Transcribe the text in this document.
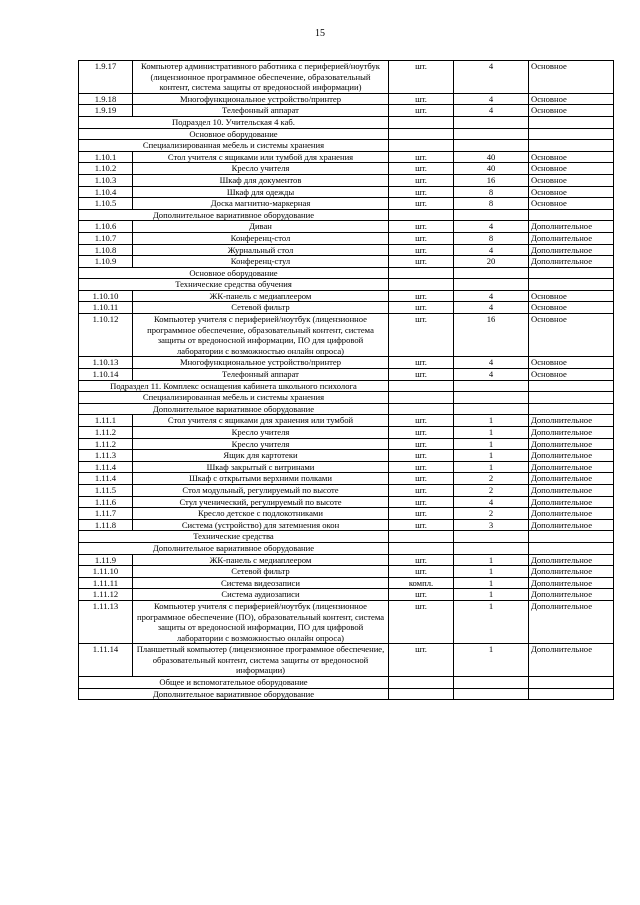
15
1.9.17	Компьютер административного работника с периферией/ноутбук (лицензионное программное обеспечение, образовательный контент, система защиты от вредоносной информации)	шт.	4	Основное
1.9.18	Многофункциональное устройство/принтер	шт.	4	Основное
1.9.19	Телефонный аппарат	шт.	4	Основное
Подраздел 10. Учительская 4 каб.				
Основное оборудование				
Специализированная мебель и системы хранения				
1.10.1	Стол учителя с ящиками или тумбой для хранения	шт.	40	Основное
1.10.2	Кресло учителя	шт.	40	Основное
1.10.3	Шкаф для документов	шт.	16	Основное
1.10.4	Шкаф для одежды	шт.	8	Основное
1.10.5	Доска магнитно-маркерная	шт.	8	Основное
Дополнительное вариативное оборудование				
1.10.6	Диван	шт.	4	Дополнительное
1.10.7	Конференц-стол	шт.	8	Дополнительное
1.10.8	Журнальный стол	шт.	4	Дополнительное
1.10.9	Конференц-стул	шт.	20	Дополнительное
Основное оборудование				
Технические средства обучения				
1.10.10	ЖК-панель с медиаплеером	шт.	4	Основное
1.10.11	Сетевой фильтр	шт.	4	Основное
1.10.12	Компьютер учителя с периферией/ноутбук (лицензионное программное обеспечение, образовательный контент, система защиты от вредоносной информации, ПО для цифровой лаборатории с возможностью онлайн опроса)	шт.	16	Основное
1.10.13	Многофункциональное устройство/принтер	шт.	4	Основное
1.10.14	Телефонный аппарат	шт.	4	Основное
Подраздел 11. Комплекс оснащения кабинета школьного психолога				
Специализированная мебель и системы хранения				
Дополнительное вариативное оборудование				
1.11.1	Стол учителя с ящиками для хранения или тумбой	шт.	1	Дополнительное
1.11.2	Кресло учителя	шт.	1	Дополнительное
1.11.2	Кресло учителя	шт.	1	Дополнительное
1.11.3	Ящик для картотеки	шт.	1	Дополнительное
1.11.4	Шкаф закрытый с витринами	шт.	1	Дополнительное
1.11.4	Шкаф с открытыми верхними полками	шт.	2	Дополнительное
1.11.5	Стол модульный, регулируемый по высоте	шт.	2	Дополнительное
1.11.6	Стул ученический, регулируемый по высоте	шт.	4	Дополнительное
1.11.7	Кресло детское с подлокотниками	шт.	2	Дополнительное
1.11.8	Система (устройство) для затемнения окон	шт.	3	Дополнительное
Технические средства				
Дополнительное вариативное оборудование				
1.11.9	ЖК-панель с медиаплеером	шт.	1	Дополнительное
1.11.10	Сетевой фильтр	шт.	1	Дополнительное
1.11.11	Система видеозаписи	компл.	1	Дополнительное
1.11.12	Система аудиозаписи	шт.	1	Дополнительное
1.11.13	Компьютер учителя с периферией/ноутбук (лицензионное программное обеспечение (ПО), образовательный контент, система защиты от вредоносной информации, ПО для цифровой лаборатории с возможностью онлайн опроса)	шт.	1	Дополнительное
1.11.14	Планшетный компьютер (лицензионное программное обеспечение, образовательный контент, система защиты от вредоносной информации)	шт.	1	Дополнительное
Общее и вспомогательное оборудование				
Дополнительное вариативное оборудование				
